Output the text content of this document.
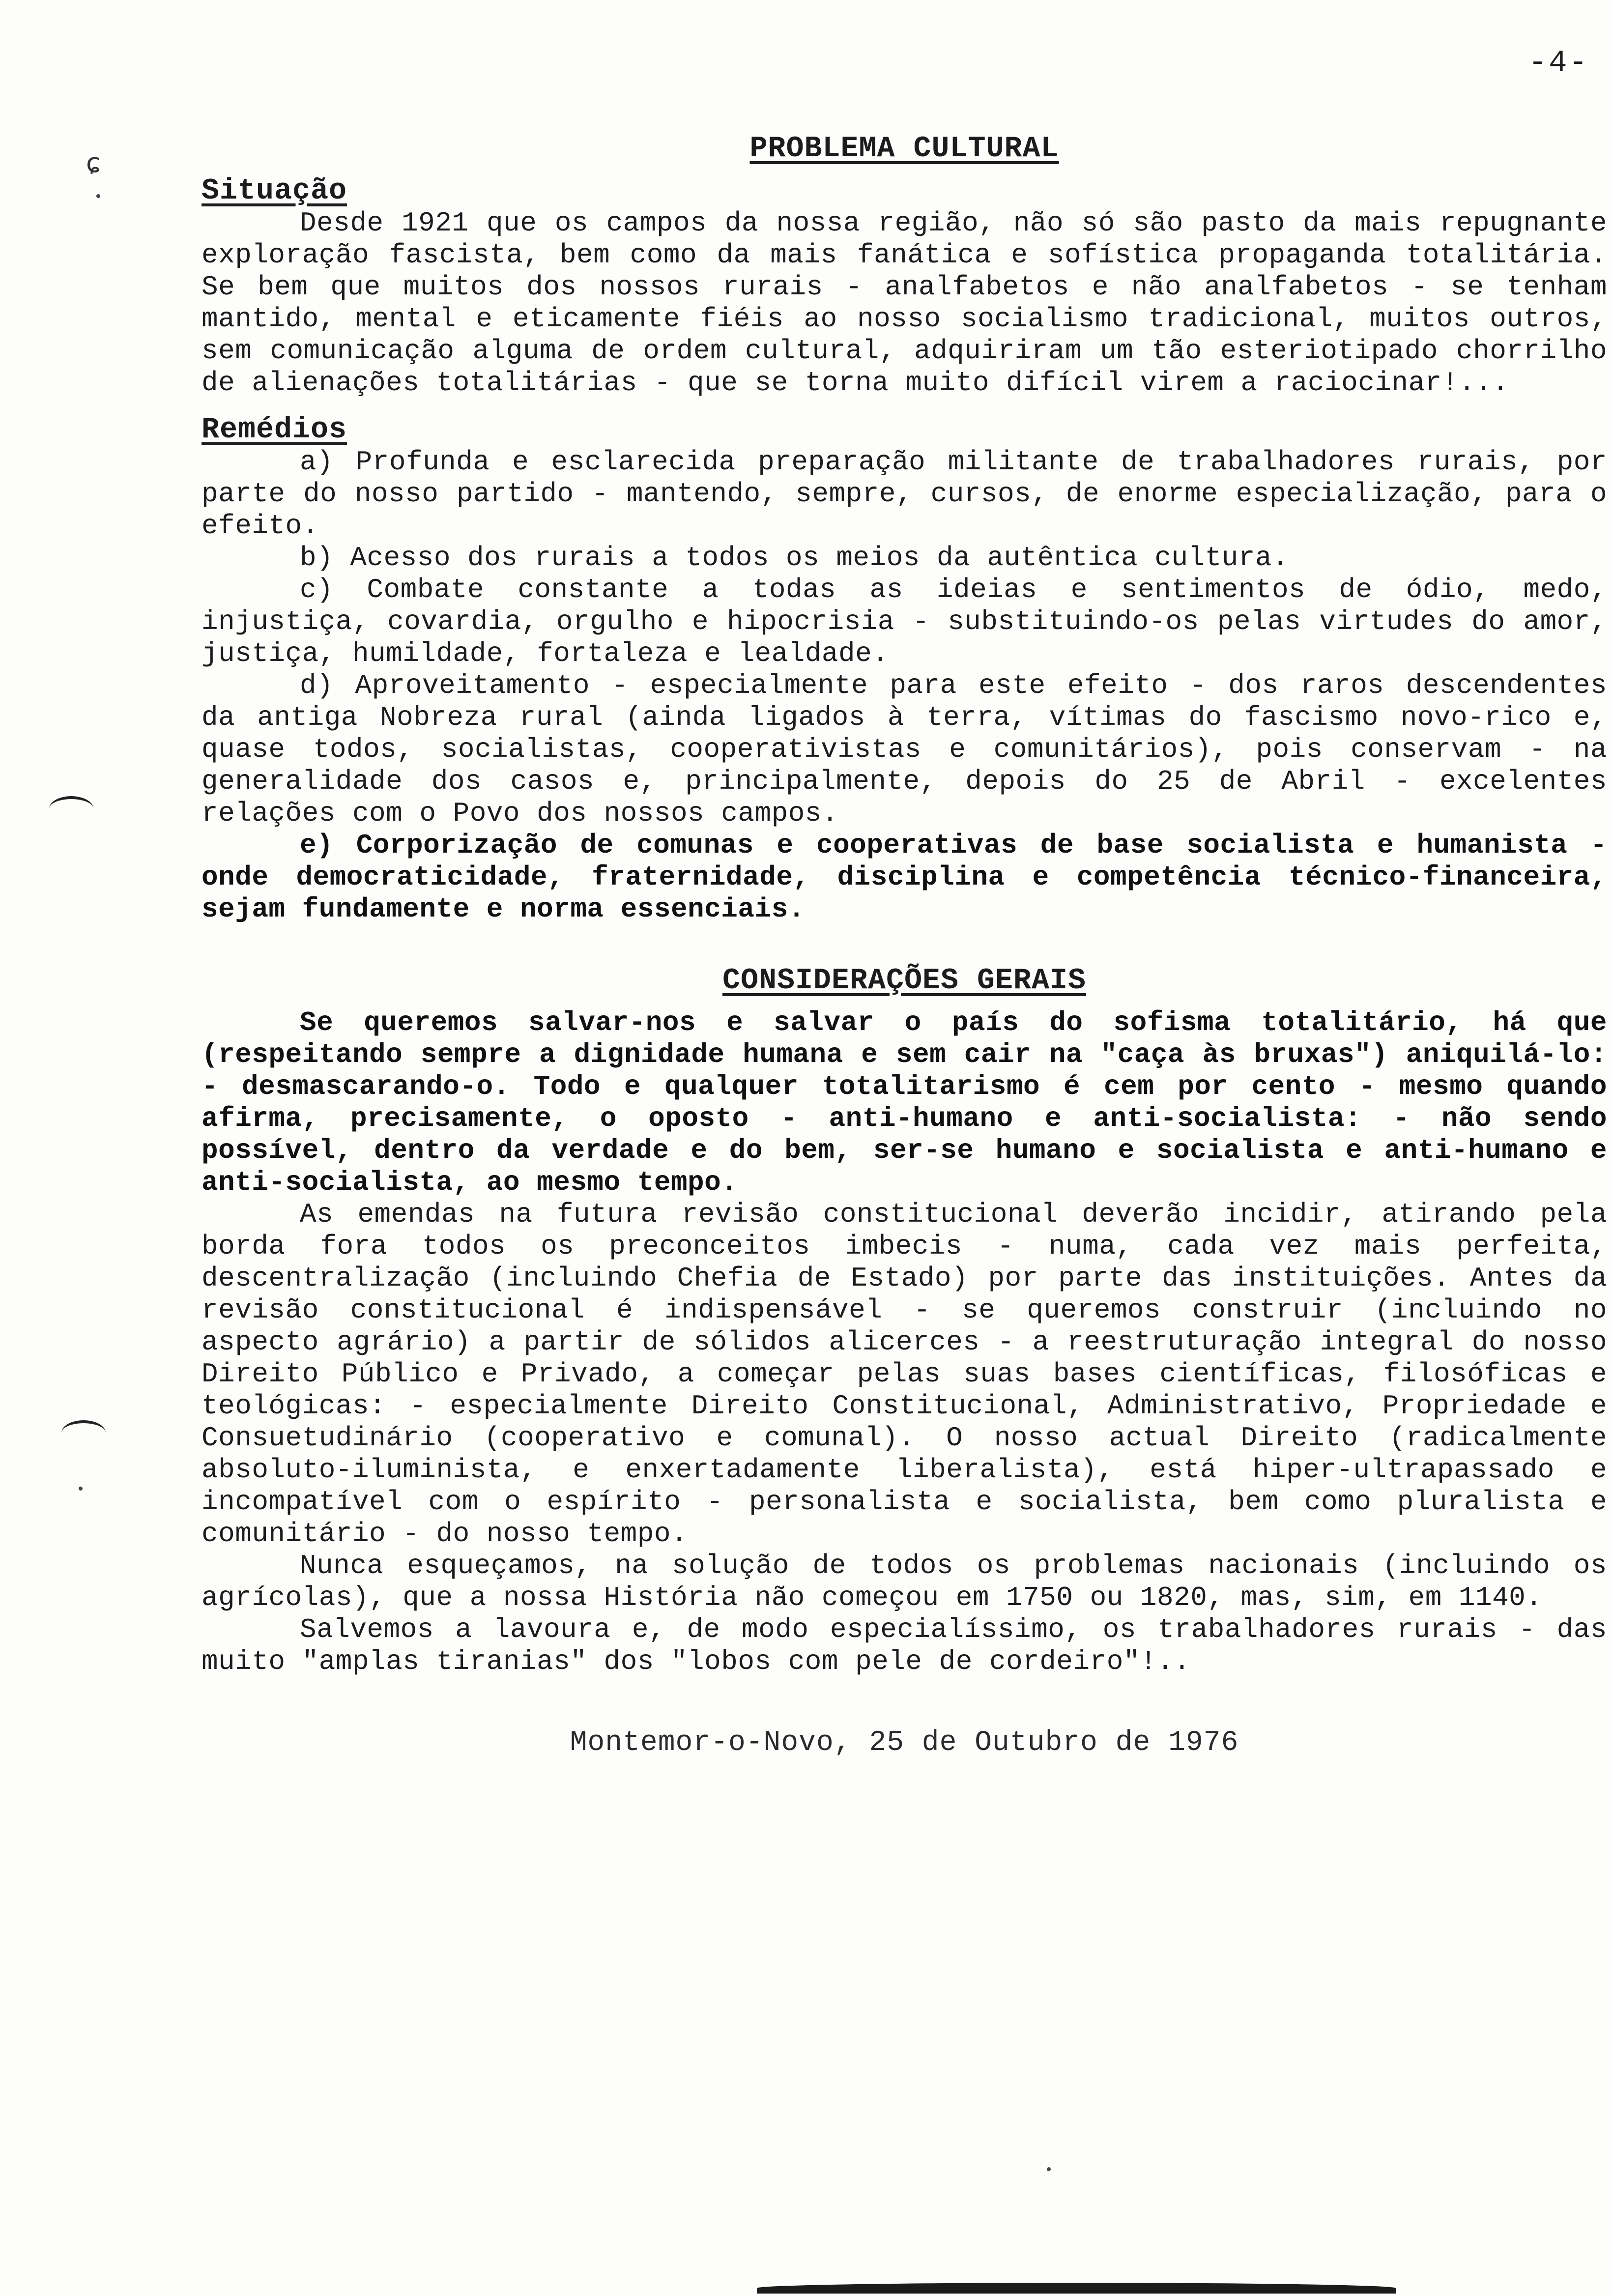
ɕ
-4-
PROBLEMA CULTURAL
Situação

Desde 1921 que os campos da nossa região, não só são pasto da mais repugnante exploração fascista, bem como da mais fanática e sofística propaganda totalitária. Se bem que muitos dos nossos rurais - analfabetos e não analfabetos - se tenham mantido, mental e eticamente fiéis ao nosso socialismo tradicional, muitos outros, sem comunicação alguma de ordem cultural, adquiriram um tão esteriotipado chorrilho de alienações totalitárias - que se torna muito difícil virem a raciocinar!...

Remédios

a) Profunda e esclarecida preparação militante de trabalhadores rurais, por parte do nosso partido - mantendo, sempre, cursos, de enorme especialização, para o efeito.

b) Acesso dos rurais a todos os meios da autêntica cultura.

c) Combate constante a todas as ideias e sentimentos de ódio, medo, injustiça, covardia, orgulho e hipocrisia - substituindo-os pelas virtudes do amor, justiça, humildade, fortaleza e lealdade.

d) Aproveitamento - especialmente para este efeito - dos raros descendentes da antiga Nobreza rural (ainda ligados à terra, vítimas do fascismo novo-rico e, quase todos, socialistas, cooperativistas e comunitários), pois conservam - na generalidade dos casos e, principalmente, depois do 25 de Abril - excelentes relações com o Povo dos nossos campos.

e) Corporização de comunas e cooperativas de base socialista e humanista - onde democraticidade, fraternidade, disciplina e competência técnico-financeira, sejam fundamente e norma essenciais.

CONSIDERAÇÕES GERAIS

Se queremos salvar-nos e salvar o país do sofisma totalitário, há que (respeitando sempre a dignidade humana e sem cair na "caça às bruxas") aniquilá-lo: - desmascarando-o. Todo e qualquer totalitarismo é cem por cento - mesmo quando afirma, precisamente, o oposto - anti-humano e anti-socialista: - não sendo possível, dentro da verdade e do bem, ser-se humano e socialista e anti-humano e anti-socialista, ao mesmo tempo.

As emendas na futura revisão constitucional deverão incidir, atirando pela borda fora todos os preconceitos imbecis - numa, cada vez mais perfeita, descentralização (incluindo Chefia de Estado) por parte das instituições. Antes da revisão constitucional é indispensável - se queremos construir (incluindo no aspecto agrário) a partir de sólidos alicerces - a reestruturação integral do nosso Direito Público e Privado, a começar pelas suas bases científicas, filosóficas e teológicas: - especialmente Direito Constitucional, Administrativo, Propriedade e Consuetudinário (cooperativo e comunal). O nosso actual Direito (radicalmente absoluto-iluminista, e enxertadamente liberalista), está hiper-ultrapassado e incompatível com o espírito - personalista e socialista, bem como pluralista e comunitário - do nosso tempo.

Nunca esqueçamos, na solução de todos os problemas nacionais (incluindo os agrícolas), que a nossa História não começou em 1750 ou 1820, mas, sim, em 1140.

Salvemos a lavoura e, de modo especialíssimo, os trabalhadores rurais - das muito "amplas tiranias" dos "lobos com pele de cordeiro"!..

Montemor-o-Novo, 25 de Outubro de 1976
